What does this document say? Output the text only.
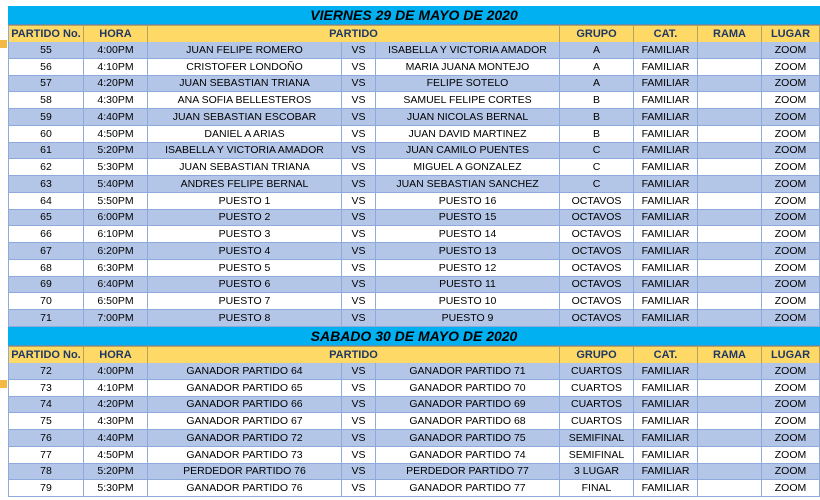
VIERNES 29 DE MAYO DE 2020
PARTIDO No.	HORA	PARTIDO	GRUPO	CAT.	RAMA	LUGAR
55	4:00PM	JUAN FELIPE ROMERO	VS	ISABELLA Y VICTORIA AMADOR	A	FAMILIAR	ZOOM
56	4:10PM	CRISTOFER LONDOÑO	VS	MARIA JUANA MONTEJO	A	FAMILIAR	ZOOM
57	4:20PM	JUAN SEBASTIAN TRIANA	VS	FELIPE SOTELO	A	FAMILIAR	ZOOM
58	4:30PM	ANA SOFIA BELLESTEROS	VS	SAMUEL FELIPE CORTES	B	FAMILIAR	ZOOM
59	4:40PM	JUAN SEBASTIAN ESCOBAR	VS	JUAN NICOLAS BERNAL	B	FAMILIAR	ZOOM
60	4:50PM	DANIEL A ARIAS	VS	JUAN DAVID MARTINEZ	B	FAMILIAR	ZOOM
61	5:20PM	ISABELLA Y VICTORIA AMADOR	VS	JUAN CAMILO PUENTES	C	FAMILIAR	ZOOM
62	5:30PM	JUAN SEBASTIAN TRIANA	VS	MIGUEL A GONZALEZ	C	FAMILIAR	ZOOM
63	5:40PM	ANDRES FELIPE BERNAL	VS	JUAN SEBASTIAN SANCHEZ	C	FAMILIAR	ZOOM
64	5:50PM	PUESTO 1	VS	PUESTO 16	OCTAVOS	FAMILIAR	ZOOM
65	6:00PM	PUESTO 2	VS	PUESTO 15	OCTAVOS	FAMILIAR	ZOOM
66	6:10PM	PUESTO 3	VS	PUESTO 14	OCTAVOS	FAMILIAR	ZOOM
67	6:20PM	PUESTO 4	VS	PUESTO 13	OCTAVOS	FAMILIAR	ZOOM
68	6:30PM	PUESTO 5	VS	PUESTO 12	OCTAVOS	FAMILIAR	ZOOM
69	6:40PM	PUESTO 6	VS	PUESTO 11	OCTAVOS	FAMILIAR	ZOOM
70	6:50PM	PUESTO 7	VS	PUESTO 10	OCTAVOS	FAMILIAR	ZOOM
71	7:00PM	PUESTO 8	VS	PUESTO 9	OCTAVOS	FAMILIAR	ZOOM
SABADO 30 DE MAYO DE 2020
PARTIDO No.	HORA	PARTIDO	GRUPO	CAT.	RAMA	LUGAR
72	4:00PM	GANADOR PARTIDO 64	VS	GANADOR PARTIDO 71	CUARTOS	FAMILIAR	ZOOM
73	4:10PM	GANADOR PARTIDO 65	VS	GANADOR PARTIDO 70	CUARTOS	FAMILIAR	ZOOM
74	4:20PM	GANADOR PARTIDO 66	VS	GANADOR PARTIDO 69	CUARTOS	FAMILIAR	ZOOM
75	4:30PM	GANADOR PARTIDO 67	VS	GANADOR PARTIDO 68	CUARTOS	FAMILIAR	ZOOM
76	4:40PM	GANADOR PARTIDO 72	VS	GANADOR PARTIDO 75	SEMIFINAL	FAMILIAR	ZOOM
77	4:50PM	GANADOR PARTIDO 73	VS	GANADOR PARTIDO 74	SEMIFINAL	FAMILIAR	ZOOM
78	5:20PM	PERDEDOR PARTIDO 76	VS	PERDEDOR PARTIDO 77	3 LUGAR	FAMILIAR	ZOOM
79	5:30PM	GANADOR PARTIDO 76	VS	GANADOR PARTIDO 77	FINAL	FAMILIAR	ZOOM
